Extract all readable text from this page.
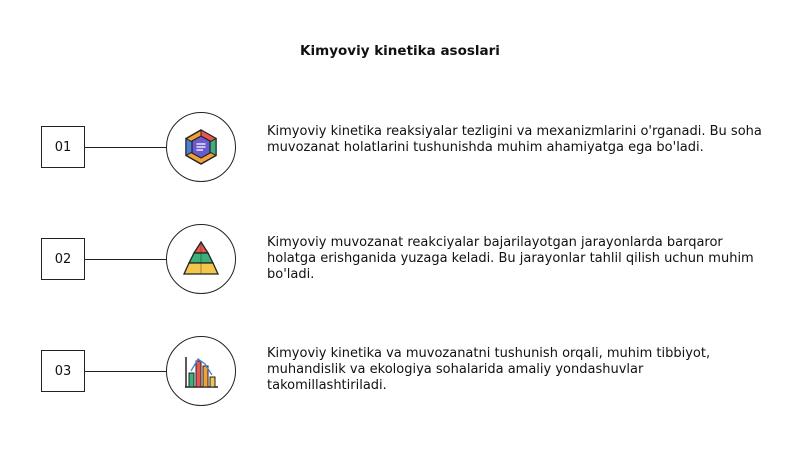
Kimyoviy kinetika asoslari
01
Kimyoviy kinetika reaksiyalar tezligini va mexanizmlarini o'rganadi. Bu soha muvozanat holatlarini tushunishda muhim ahamiyatga ega bo'ladi.
02
Kimyoviy muvozanat reakciyalar bajarilayotgan jarayonlarda barqaror holatga erishganida yuzaga keladi. Bu jarayonlar tahlil qilish uchun muhim bo'ladi.
03
Kimyoviy kinetika va muvozanatni tushunish orqali, muhim tibbiyot, muhandislik va ekologiya sohalarida amaliy yondashuvlar takomillashtiriladi.
